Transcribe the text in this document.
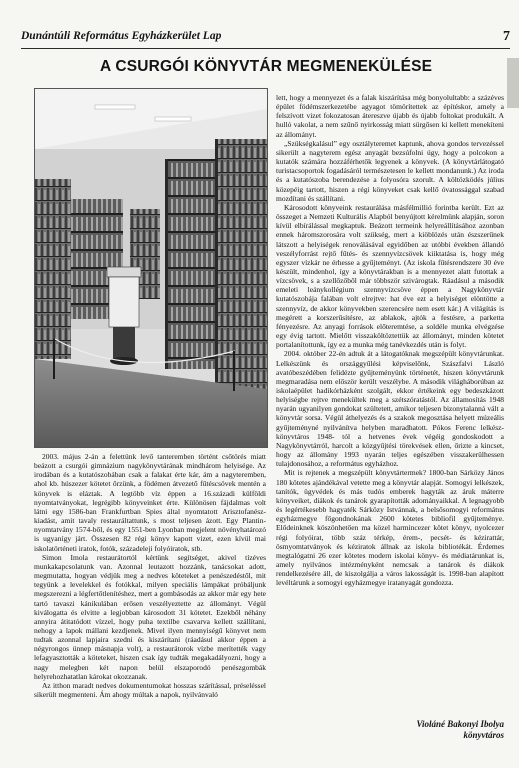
Dunántúli Református Egyházkerület Lap	7
A CSURGÓI KÖNYVTÁR MEGMENEKÜLÉSE

2003. május 2-án a felettünk levő tanteremben történt csőtörés miatt beázott a csurgói gimnázium nagykönyvtárának mindhárom helyisége. Az irodában és a kutatószobában csak a falakat érte kár, ám a nagyteremben, ahol kb. húszezer kötetet őrzünk, a födémen átvezető fűtéscsövek mentén a könyvek is eláztak. A legtöbb víz éppen a 16.századi külföldi nyomtatványokat, legrégibb könyveinket érte. Különösen fájdalmas volt látni egy 1586-ban Frankfurtban Spies által nyomtatott Arisztofanész-kiadást, amit tavaly restauráltattunk, s most teljesen ázott. Egy Plantin-nyomtatvány 1574-ből, és egy 1551-ben Lyonban megjelent növényhatározó is ugyanígy járt. Összesen 82 régi könyv kapott vizet, ezen kívül mai iskolatörténeti iratok, fotók, századeleji folyóiratok, stb.

Simon Imola restaurátortól kértünk segítséget, akivel tízéves munkakapcsolatunk van. Azonnal leutazott hozzánk, tanácsokat adott, megmutatta, hogyan védjük meg a nedves köteteket a penészedéstől, mit tegyünk a levelekkel és fotókkal, milyen speciális lámpákat próbáljunk megszerezni a légfertőtlenítéshez, mert a gombásodás az akkor már egy hete tartó tavaszi kánikulában erősen veszélyeztette az állományt. Végül kiválogatta és elvitte a legjobban károsodott 31 kötetet. Ezekből néhány annyira átitatódott vízzel, hogy puha textilbe csavarva kellett szállítani, nehogy a lapok mállani kezdjenek. Mivel ilyen mennyiségű könyvet nem tudtak azonnal lapjaira szedni és kiszárítani (ráadásul akkor éppen a négyrongos ünnep másnapja volt), a restaurátorok vízbe merítették vagy lefagyasztották a köteteket, hiszen csak így tudták megakadályozni, hogy a nagy melegben két napon belül elszaporodó penészgombák helyrehozhatatlan károkat okozzanak.

Az itthon maradt nedves dokumentumokat hosszas szárítással, préseléssel sikerült megmenteni. Ám ahogy múltak a napok, nyilvánvaló

lett, hogy a mennyezet és a falak kiszárítása még bonyolultabb: a százéves épület födémszerkezetébe agyagot tömörítettek az építéskor, amely a felszívott vizet fokozatosan átereszve újabb és újabb foltokat produkált. A hulló vakolat, a nem szűnő nyirkosság miatt sürgősen ki kellett menekíteni az állományt.

„Szükségkalásul” egy osztályteremet kaptunk, ahova gondos tervezéssel sikerült a nagyterem egész anyagát bezsúfolni úgy, hogy a polcokon a kutatók számára hozzáférhetők legyenek a könyvek. (A könyvtárlátogató turistacsoportok fogadásáról természetesen le kellett mondanunk.) Az iroda és a kutatószoba berendezése a folyosóra szorult. A költözködés július közepéig tartott, hiszen a régi könyveket csak kellő óvatossággal szabad mozdítani és szállítani.

Károsodott könyveink restaurálása másfélmillió forintba került. Ezt az összeget a Nemzeti Kulturális Alapból benyújtott kérelmünk alapján, soron kívül elbírálással megkaptuk. Beázott termeink helyreállításához azonban ennek háromszorosára volt szükség, mert a kiöblözés után észszerűnek látszott a helyiségek renoválásával egyidőben az utóbbi években állandó veszélyforrást rejtő fűtés- és szennyvízcsövek kiiktatása is, hogy még egyszer vízkár ne érhesse a gyűjteményt. (Az iskola fűtésrendszere 30 éve készült, mindenhol, így a könyvtárakban is a mennyezet alatt futottak a vízcsövek, s a szellőzőből már többször szivárogtak. Ráadásul a második emeleti leánykollégium szennyvízcsöve éppen a Nagykönyvtár kutatószobája falában volt elrejtve: hat éve ezt a helyiséget elöntötte a szennyvíz, de akkor könyvekben szerencsére nem esett kár.) A világítás is megérett a korszerűsítésre, az ablakok, ajtók a festésre, a parketta fényezésre. Az anyagi források előteremtése, a soldéle munka elvégzése egy évig tartott. Mielőtt visszaköltöztettük az állományt, minden kötetet portalanítottunk, így ez a munka még tanévkezdés után is folyt.

2004. október 22-én adtuk át a látogatóknak megszépült könyvtárunkat. Lelkészünk és országgyűlési képviselőnk, Szászfalvi László avatóbeszédében felidézte gyűjteményünk történetét, hiszen könyvtárunk megmaradása nem először került veszélybe. A második világháborúban az iskolaépület hadikórházként szolgált, ekkor értékeink egy bedeszkázott helyiségbe rejtve menekültek meg a szétszóratástól. Az államosítás 1948 nyarán ugyanilyen gondokat szültetett, amikor teljesen bizonytalanná vált a könyvtár sorsa. Végül áthelyezés és a szakok megosztása helyett múzeális gyűjteményné nyilvánítva helyben maradhatott. Pókos Ferenc lelkész-könyvtáros 1948- tól a hetvenes évek végéig gondoskodott a Nagykönyvtárról, harcolt a közgyűjtési törekvések ellen, őrizte a kincset, hogy az állomány 1993 nyarán teljes egészében visszakerülhessen tulajdonosához, a református egyházhoz.

Mit is rejtenek a megszépült könyvtártermek? 1800-ban Sárközy János 180 kötetes ajándékával vetette meg a könyvtár alapját. Somogyi lelkészek, tanítók, ügyvédek és más tudós emberek hagyták az áruk máterre könyveiket, diákok és tanárok gyarapították adományaikkal. A legnagyobb és legértékesebb hagyaték Sárközy Istvánnak, a belsősomogyi református egyházmegye főgondnokának 2600 kötetes bibliofil gyűjteménye. Elődeinknek köszönhetően ma közel harmincezer kötet könyv, nyolcezer régi folyóirat, több száz térkép, érem-, pecsét- és kézirattár, ösmyomtatványok és kéziratok állnak az iskola bibliotékát. Érdemes megtalógatni 26 ezer kötetes modern iskolai könyv- és médiatárunkat is, amely nyilvános intézményként nemcsak a tanárok és diákok rendelkezésére áll, de kiszolgálja a város lakosságát is. 1998-ban alapított levéltárunk a somogyi egyházmegye iratanyagát gondozza.

Violáné Bakonyi Ibolya
könyvtáros
